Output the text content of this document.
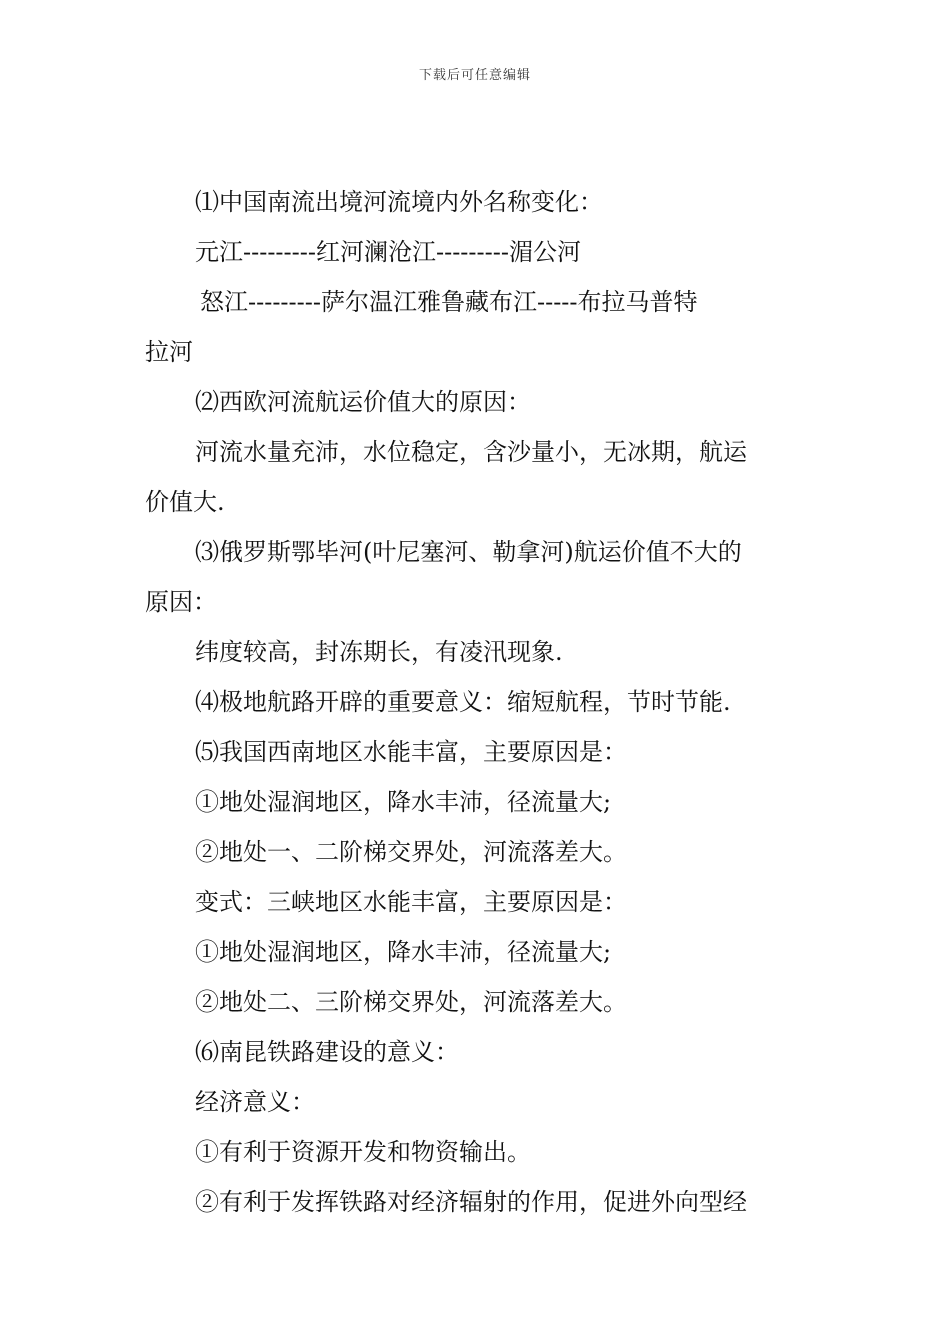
下载后可任意编辑
⑴中国南流出境河流境内外名称变化：
元江---------红河澜沧江---------湄公河
怒江---------萨尔温江雅鲁藏布江-----布拉马普特
拉河
⑵西欧河流航运价值大的原因：
河流水量充沛，水位稳定，含沙量小，无冰期，航运
价值大.
⑶俄罗斯鄂毕河(叶尼塞河、勒拿河)航运价值不大的
原因：
纬度较高，封冻期长，有凌汛现象.
⑷极地航路开辟的重要意义：缩短航程，节时节能.
⑸我国西南地区水能丰富，主要原因是：
①地处湿润地区，降水丰沛，径流量大;
②地处一、二阶梯交界处，河流落差大。
变式：三峡地区水能丰富，主要原因是：
①地处湿润地区，降水丰沛，径流量大;
②地处二、三阶梯交界处，河流落差大。
⑹南昆铁路建设的意义：
经济意义：
①有利于资源开发和物资输出。
②有利于发挥铁路对经济辐射的作用，促进外向型经
